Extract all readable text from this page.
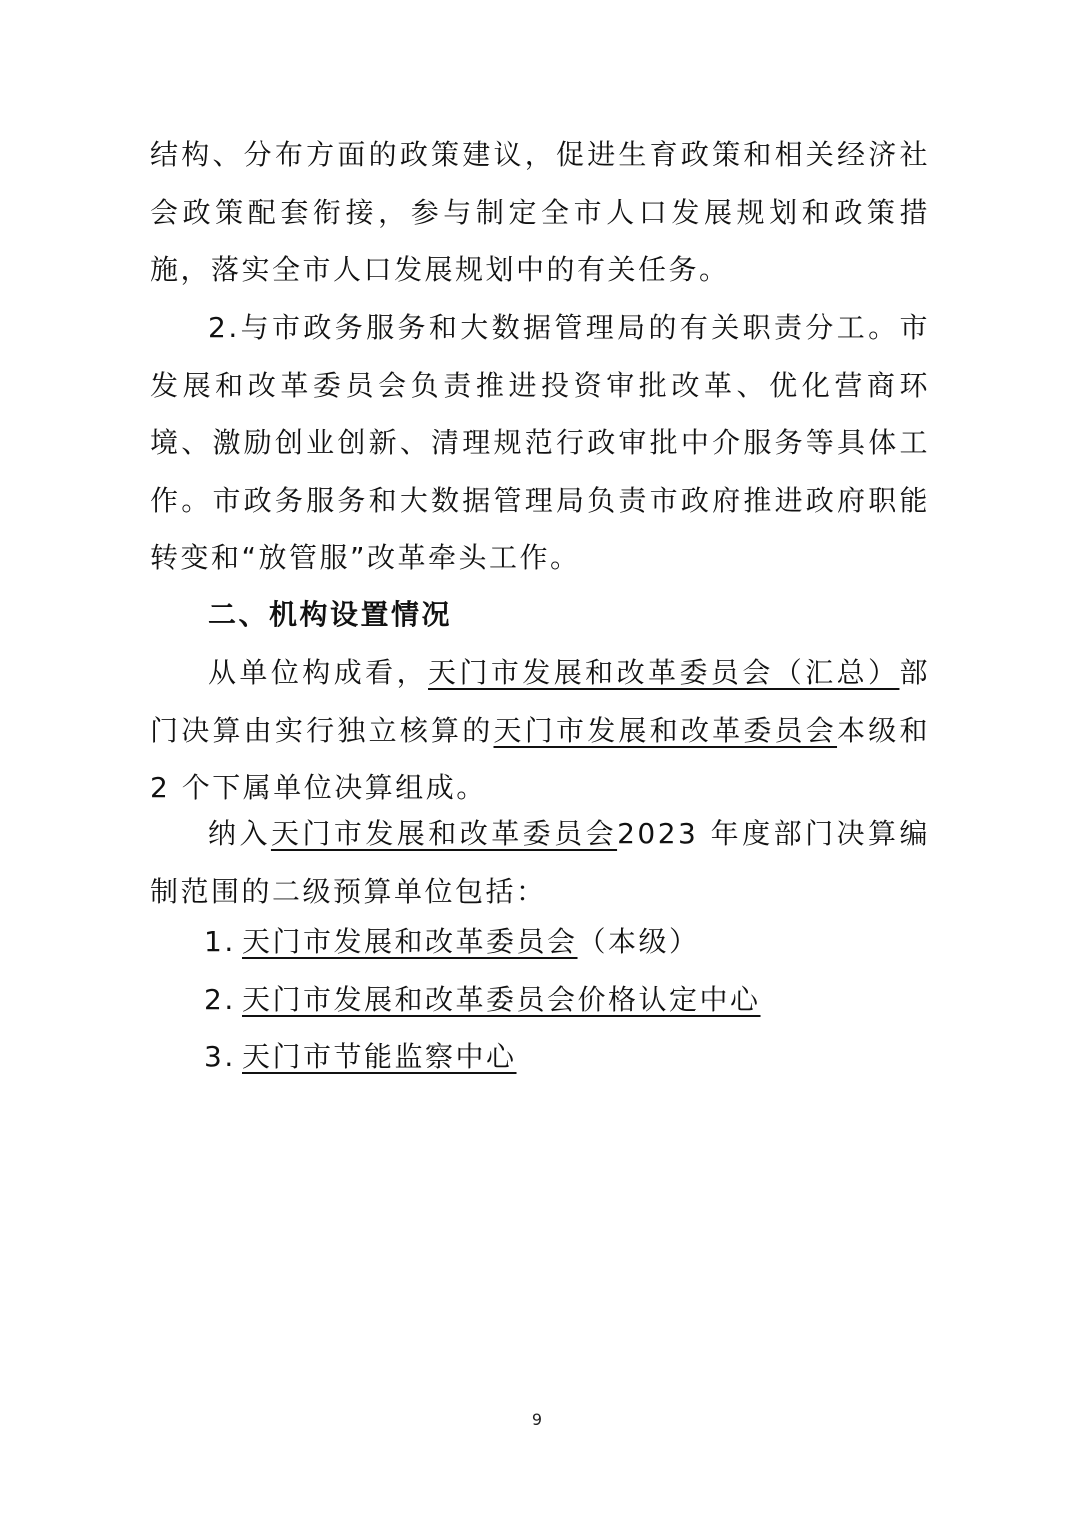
结构、分布方面的政策建议，促进生育政策和相关经济社会政策配套衔接，参与制定全市人口发展规划和政策措施，落实全市人口发展规划中的有关任务。

2.与市政务服务和大数据管理局的有关职责分工。市发展和改革委员会负责推进投资审批改革、优化营商环境、激励创业创新、清理规范行政审批中介服务等具体工作。市政务服务和大数据管理局负责市政府推进政府职能转变和“放管服”改革牵头工作。

二、机构设置情况

从单位构成看，天门市发展和改革委员会（汇总）部门决算由实行独立核算的天门市发展和改革委员会本级和 2 个下属单位决算组成。

纳入天门市发展和改革委员会2023 年度部门决算编制范围的二级预算单位包括：

1. 天门市发展和改革委员会（本级）

2. 天门市发展和改革委员会价格认定中心

3. 天门市节能监察中心

9
